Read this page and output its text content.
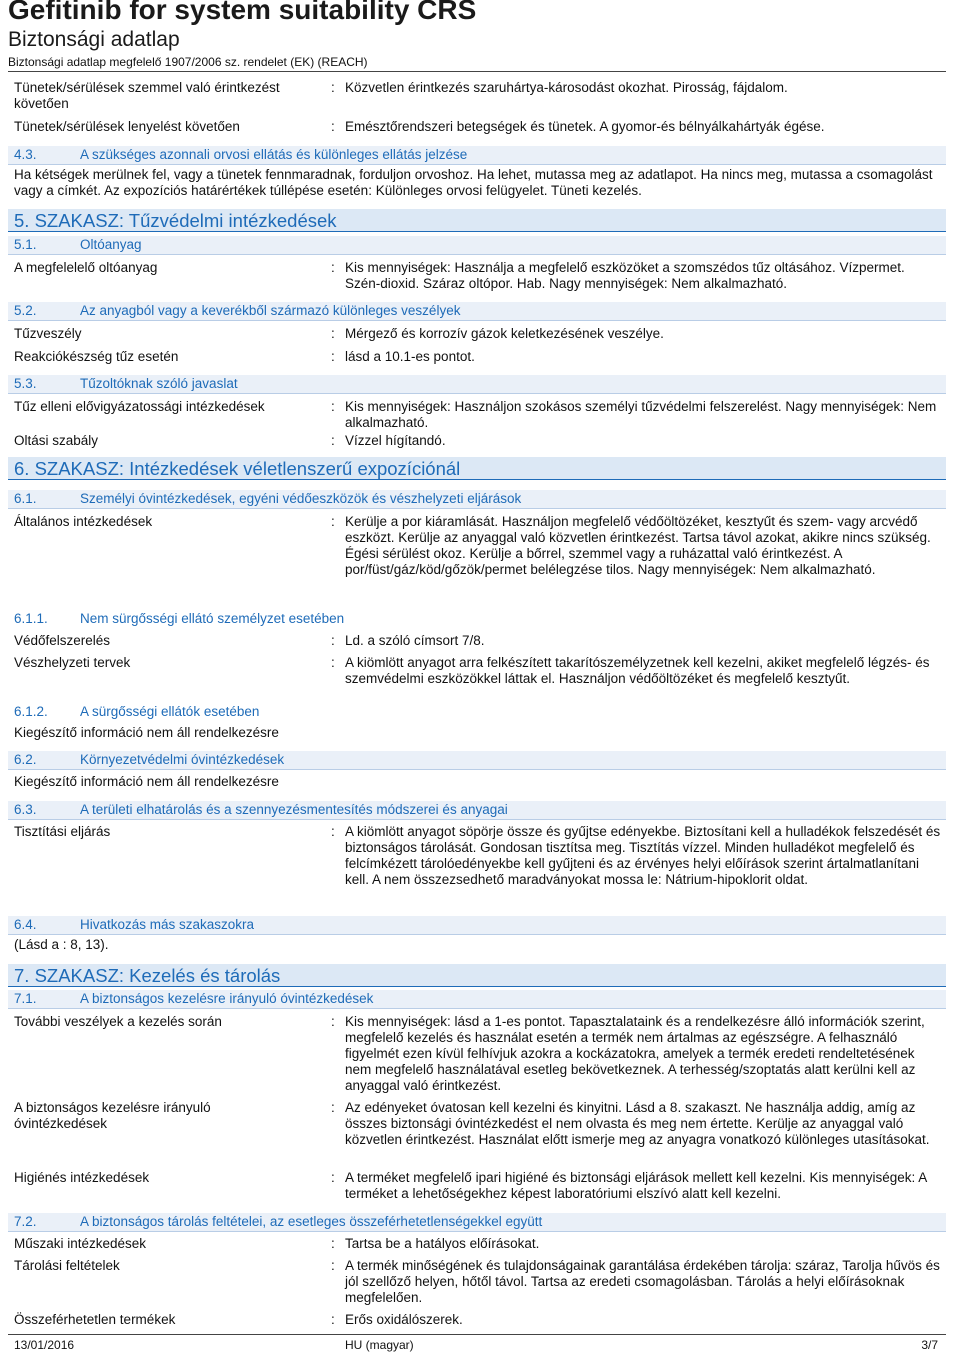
Gefitinib for system suitability CRS
Biztonsági adatlap
Biztonsági adatlap megfelelő 1907/2006 sz. rendelet (EK) (REACH)
Tünetek/sérülések szemmel való érintkezést követően
: Közvetlen érintkezés szaruhártya-károsodást okozhat. Pirosság, fájdalom.
Tünetek/sérülések lenyelést követően	: Emésztőrendszeri betegségek és tünetek. A gyomor-és bélnyálkahártyák égése.
4.3.	A szükséges azonnali orvosi ellátás és különleges ellátás jelzése
Ha kétségek merülnek fel, vagy a tünetek fennmaradnak, forduljon orvoshoz. Ha lehet, mutassa meg az adatlapot. Ha nincs meg, mutassa a csomagolást vagy a címkét. Az expozíciós határértékek túllépése esetén: Különleges orvosi felügyelet. Tüneti kezelés.
5. SZAKASZ: Tűzvédelmi intézkedések
5.1.	Oltóanyag
A megfelelelő oltóanyag	: Kis mennyiségek: Használja a megfelelő eszközöket a szomszédos tűz oltásához. Vízpermet. Szén-dioxid. Száraz oltópor. Hab. Nagy mennyiségek: Nem alkalmazható.
5.2.	Az anyagból vagy a keverékből származó különleges veszélyek
Tűzveszély	: Mérgező és korrozív gázok keletkezésének veszélye.
Reakciókészség tűz esetén	: lásd a 10.1-es pontot.
5.3.	Tűzoltóknak szóló javaslat
Tűz elleni elővigyázatossági intézkedések	: Kis mennyiségek: Használjon szokásos személyi tűzvédelmi felszerelést. Nagy mennyiségek: Nem alkalmazható.
Oltási szabály	: Vízzel hígítandó.
6. SZAKASZ: Intézkedések véletlenszerű expozíciónál
6.1.	Személyi óvintézkedések, egyéni védőeszközök és vészhelyzeti eljárások
Általános intézkedések	: Kerülje a por kiáramlását. Használjon megfelelő védőöltözéket, kesztyűt és szem- vagy arcvédő eszközt. Kerülje az anyaggal való közvetlen érintkezést. Tartsa távol azokat, akikre nincs szükség. Égési sérülést okoz. Kerülje a bőrrel, szemmel vagy a ruházattal való érintkezést. A por/füst/gáz/köd/gőzök/permet belélegzése tilos. Nagy mennyiségek: Nem alkalmazható.
6.1.1. Nem sürgősségi ellátó személyzet esetében
Védőfelszerelés	: Ld. a szóló címsort 7/8.
Vészhelyzeti tervek	: A kiömlött anyagot arra felkészített takarítószemélyzetnek kell kezelni, akiket megfelelő légzés- és szemvédelmi eszközökkel láttak el. Használjon védőöltözéket és megfelelő kesztyűt.
6.1.2. A sürgősségi ellátók esetében
Kiegészítő információ nem áll rendelkezésre
6.2.	Környezetvédelmi óvintézkedések
Kiegészítő információ nem áll rendelkezésre
6.3.	A területi elhatárolás és a szennyezésmentesítés módszerei és anyagai
Tisztítási eljárás	: A kiömlött anyagot söpörje össze és gyűjtse edényekbe. Biztosítani kell a hulladékok felszedését és biztonságos tárolását. Gondosan tisztítsa meg. Tisztítás vízzel. Minden hulladékot megfelelő és felcímkézett tárolóedényekbe kell gyűjteni és az érvényes helyi előírások szerint ártalmatlanítani kell. A nem összezsedhető maradványokat mossa le: Nátrium-hipoklorit oldat.
6.4.	Hivatkozás más szakaszokra
(Lásd a : 8, 13).
7. SZAKASZ: Kezelés és tárolás
7.1.	A biztonságos kezelésre irányuló óvintézkedések
További veszélyek a kezelés során	: Kis mennyiségek: lásd a 1-es pontot. Tapasztalataink és a rendelkezésre álló információk szerint, megfelelő kezelés és használat esetén a termék nem ártalmas az egészségre. A felhasználó figyelmét ezen kívül felhívjuk azokra a kockázatokra, amelyek a termék eredeti rendeltetésének nem megfelelő használatával esetleg bekövetkeznek. A terhesség/szoptatás alatt kerülni kell az anyaggal való érintkezést.
A biztonságos kezelésre irányuló óvintézkedések
: Az edényeket óvatosan kell kezelni és kinyitni. Lásd a 8. szakaszt. Ne használja addig, amíg az összes biztonsági óvintézkedést el nem olvasta és meg nem értette. Kerülje az anyaggal való közvetlen érintkezést. Használat előtt ismerje meg az anyagra vonatkozó különleges utasításokat.
Higiénés intézkedések	: A terméket megfelelő ipari higiéné és biztonsági eljárások mellett kell kezelni. Kis mennyiségek: A terméket a lehetőségekhez képest laboratóriumi elszívó alatt kell kezelni.
7.2.	A biztonságos tárolás feltételei, az esetleges összeférhetetlenségekkel együtt
Műszaki intézkedések	: Tartsa be a hatályos előírásokat.
Tárolási feltételek	: A termék minőségének és tulajdonságainak garantálása érdekében tárolja: száraz, Tarolja hűvös és jól szellőző helyen, hőtől távol. Tartsa az eredeti csomagolásban. Tárolás a helyi előírásoknak megfelelően.
Összeférhetetlen termékek	: Erős oxidálószerek.
13/01/2016	HU (magyar)	3/7
